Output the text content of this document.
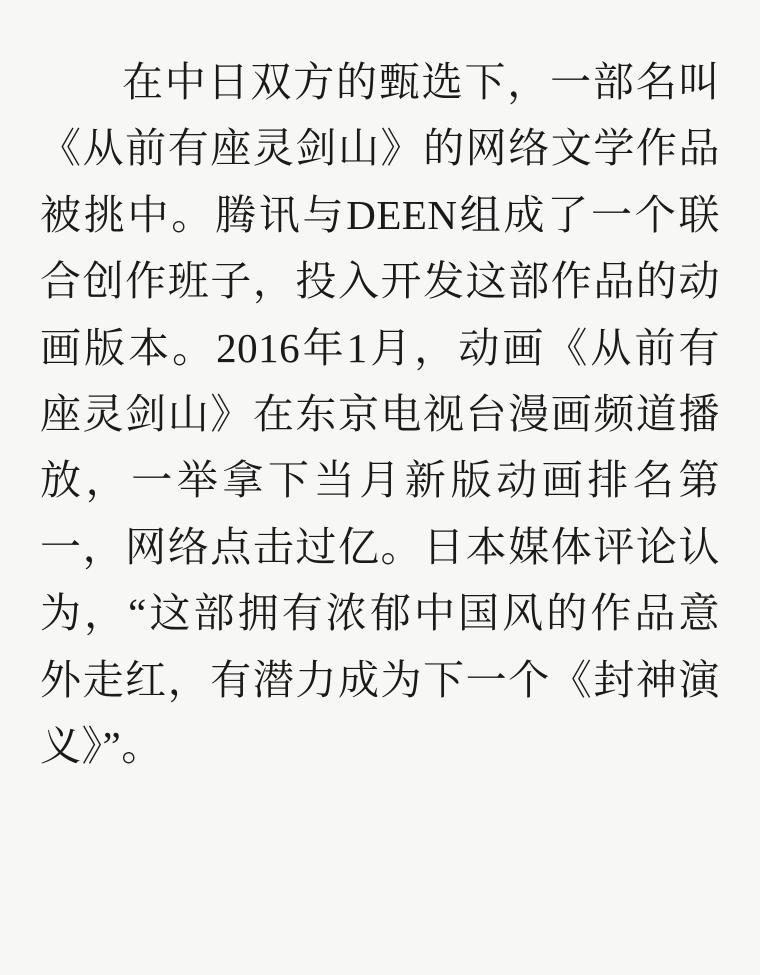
在中日双方的甄选下，一部名叫《从前有座灵剑山》的网络文学作品被挑中。腾讯与DEEN组成了一个联合创作班子，投入开发这部作品的动画版本。2016年1月，动画《从前有座灵剑山》在东京电视台漫画频道播放，一举拿下当月新版动画排名第一，网络点击过亿。日本媒体评论认为，“这部拥有浓郁中国风的作品意外走红，有潜力成为下一个《封神演义》”。
